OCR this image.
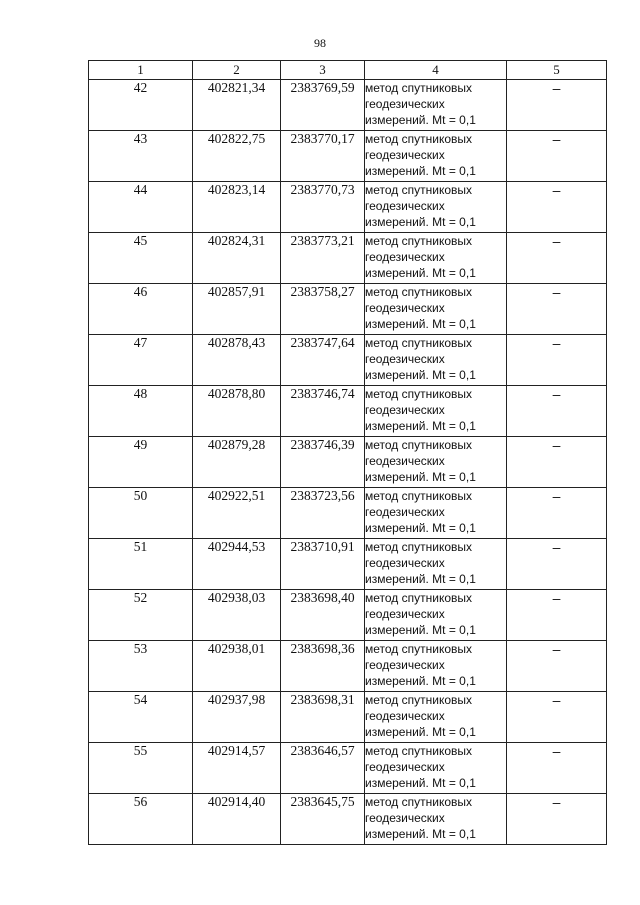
98
1	2	3	4	5
42	402821,34	2383769,59	метод спутниковых
геодезических
измерений. Mt = 0,1	–
43	402822,75	2383770,17	метод спутниковых
геодезических
измерений. Mt = 0,1	–
44	402823,14	2383770,73	метод спутниковых
геодезических
измерений. Mt = 0,1	–
45	402824,31	2383773,21	метод спутниковых
геодезических
измерений. Mt = 0,1	–
46	402857,91	2383758,27	метод спутниковых
геодезических
измерений. Mt = 0,1	–
47	402878,43	2383747,64	метод спутниковых
геодезических
измерений. Mt = 0,1	–
48	402878,80	2383746,74	метод спутниковых
геодезических
измерений. Mt = 0,1	–
49	402879,28	2383746,39	метод спутниковых
геодезических
измерений. Mt = 0,1	–
50	402922,51	2383723,56	метод спутниковых
геодезических
измерений. Mt = 0,1	–
51	402944,53	2383710,91	метод спутниковых
геодезических
измерений. Mt = 0,1	–
52	402938,03	2383698,40	метод спутниковых
геодезических
измерений. Mt = 0,1	–
53	402938,01	2383698,36	метод спутниковых
геодезических
измерений. Mt = 0,1	–
54	402937,98	2383698,31	метод спутниковых
геодезических
измерений. Mt = 0,1	–
55	402914,57	2383646,57	метод спутниковых
геодезических
измерений. Mt = 0,1	–
56	402914,40	2383645,75	метод спутниковых
геодезических
измерений. Mt = 0,1	–
